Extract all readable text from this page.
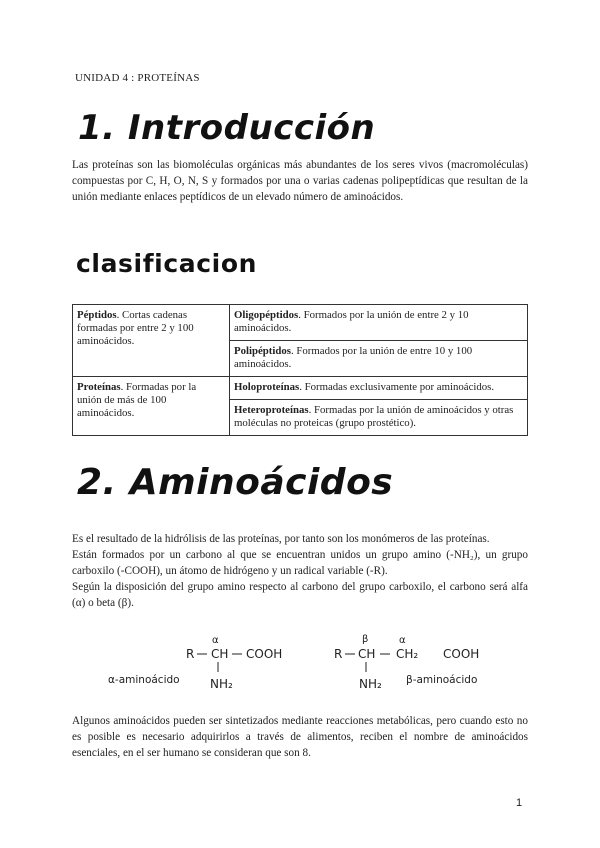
UNIDAD 4 : PROTEÍNAS
1. Introducción

Las proteínas son las biomoléculas orgánicas más abundantes de los seres vivos (macromoléculas) compuestas por C, H, O, N, S y formados por una o varias cadenas polipeptídicas que resultan de la unión mediante enlaces peptídicos de un elevado número de aminoácidos.

clasificacion
Péptidos. Cortas cadenas formadas por entre 2 y 100 aminoácidos.	Oligopéptidos. Formados por la unión de entre 2 y 10 aminoácidos.
	Polipéptidos. Formados por la unión de entre 10 y 100 aminoácidos.
Proteínas. Formadas por la unión de más de 100 aminoácidos.	Holoproteínas. Formadas exclusivamente por aminoácidos.
	Heteroproteínas. Formadas por la unión de aminoácidos y otras moléculas no proteicas (grupo prostético).
2. Aminoácidos

Es el resultado de la hidrólisis de las proteínas, por tanto son los monómeros de las proteínas.

Están formados por un carbono al que se encuentran unidos un grupo amino (-NH₂), un grupo carboxilo (-COOH), un átomo de hidrógeno y un radical variable (-R).

Según la disposición del grupo amino respecto al carbono del grupo carboxilo, el carbono será alfa (α) o beta (β).

α
R CH COOH
NH₂
α-aminoácido
β	α
R CH CH₂ COOH
NH₂ β-aminoácido

Algunos aminoácidos pueden ser sintetizados mediante reacciones metabólicas, pero cuando esto no es posible es necesario adquirirlos a través de alimentos, reciben el nombre de aminoácidos esenciales, en el ser humano se consideran que son 8.

1
